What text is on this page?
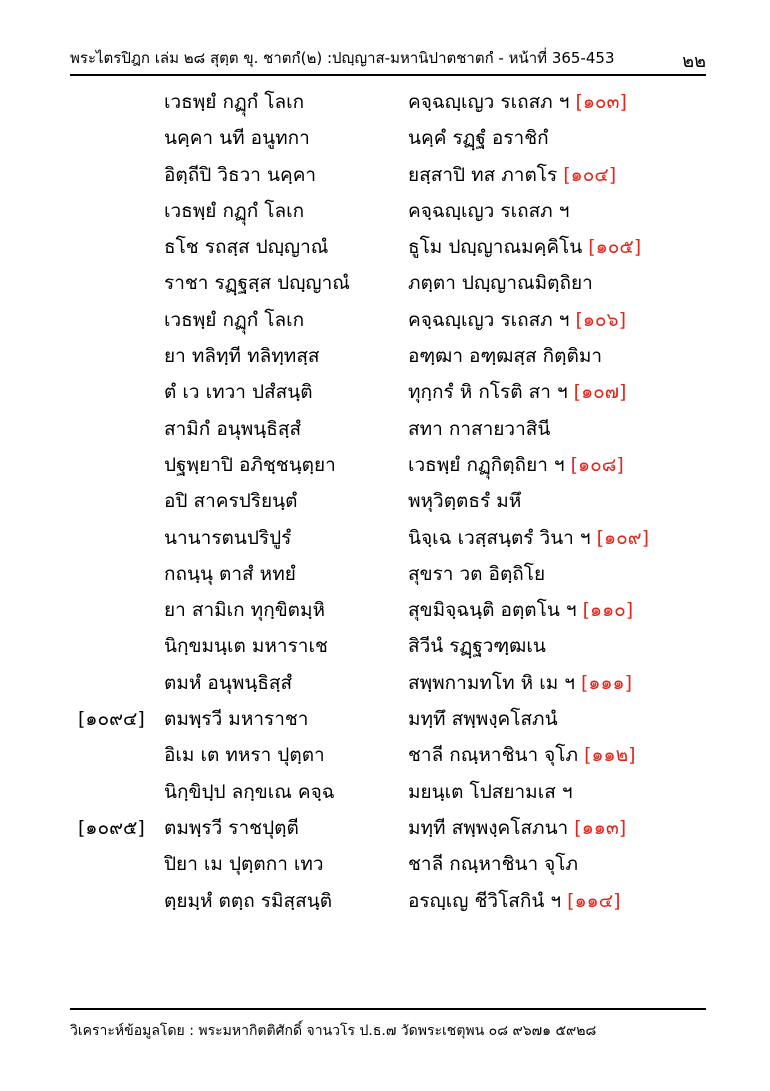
พระไตรปิฎก เล่ม ๒๘ สุตฺต ขุ. ชาตกํ(๒) :ปญฺญาส-มหานิปาตชาตกํ - หน้าที่ 365-453	๒๒
เวธพฺยํ กฏุกํ โลเก	คจฺฉญฺเญว รเถสภ ฯ [๑๐๓]
นคฺคา นที อนูทกา	นคฺคํ รฏฺฐํ อราชิกํ
อิตฺถีปิ วิธวา นคฺคา	ยสฺสาปิ ทส ภาตโร [๑๐๔]
เวธพฺยํ กฏุกํ โลเก	คจฺฉญฺเญว รเถสภ ฯ
ธโช รถสฺส ปญฺญาณํ	ธูโม ปญฺญาณมคฺคิโน [๑๐๕]
ราชา รฏฺฐสฺส ปญฺญาณํ	ภตฺตา ปญฺญาณมิตฺถิยา
เวธพฺยํ กฏุกํ โลเก	คจฺฉญฺเญว รเถสภ ฯ [๑๐๖]
ยา ทลิทฺที ทลิทฺทสฺส	อฑฺฒา อฑฺฒสฺส กิตฺติมา
ตํ เว เทวา ปสํสนฺติ	ทุกฺกรํ หิ กโรติ สา ฯ [๑๐๗]
สามิกํ อนุพนฺธิสฺสํ	สทา กาสายวาสินี
ปฐพฺยาปิ อภิชฺชนฺตฺยา	เวธพฺยํ กฏุกิตฺถิยา ฯ [๑๐๘]
อปิ สาครปริยนฺตํ	พหุวิตฺตธรํ มหึ
นานารตนปริปูรํ	นิจฺเฉ เวสฺสนฺตรํ วินา ฯ [๑๐๙]
กถนฺนุ ตาสํ หทยํ	สุขรา วต อิตฺถิโย
ยา สามิเก ทุกฺขิตมฺหิ	สุขมิจฺฉนฺติ อตฺตโน ฯ [๑๑๐]
นิกฺขมนฺเต มหาราเช	สิวีนํ รฏฺฐวฑฺฒเน
ตมหํ อนุพนฺธิสฺสํ	สพฺพกามทโท หิ เม ฯ [๑๑๑]
[๑๐๙๔] ตมพฺรวี มหาราชา	มทฺทึ สพฺพงฺคโสภนํ
อิเม เต ทหรา ปุตฺตา	ชาลี กณฺหาชินา จุโภ [๑๑๒]
นิกฺขิปฺป ลกฺขเณ คจฺฉ	มยนฺเต โปสยามเส ฯ
[๑๐๙๕] ตมพฺรวี ราชปุตฺตี	มทฺที สพฺพงฺคโสภนา [๑๑๓]
ปิยา เม ปุตฺตกา เทว	ชาลี กณฺหาชินา จุโภ
ตฺยมฺหํ ตตฺถ รมิสฺสนฺติ	อรญฺเญ ชีวิโสกินํ ฯ [๑๑๔]
วิเคราะห์ข้อมูลโดย : พระมหากิตติศักดิ์ จานวโร ป.ธ.๗ วัดพระเชตุพน ๐๘ ๙๖๗๑ ๕๙๒๘
